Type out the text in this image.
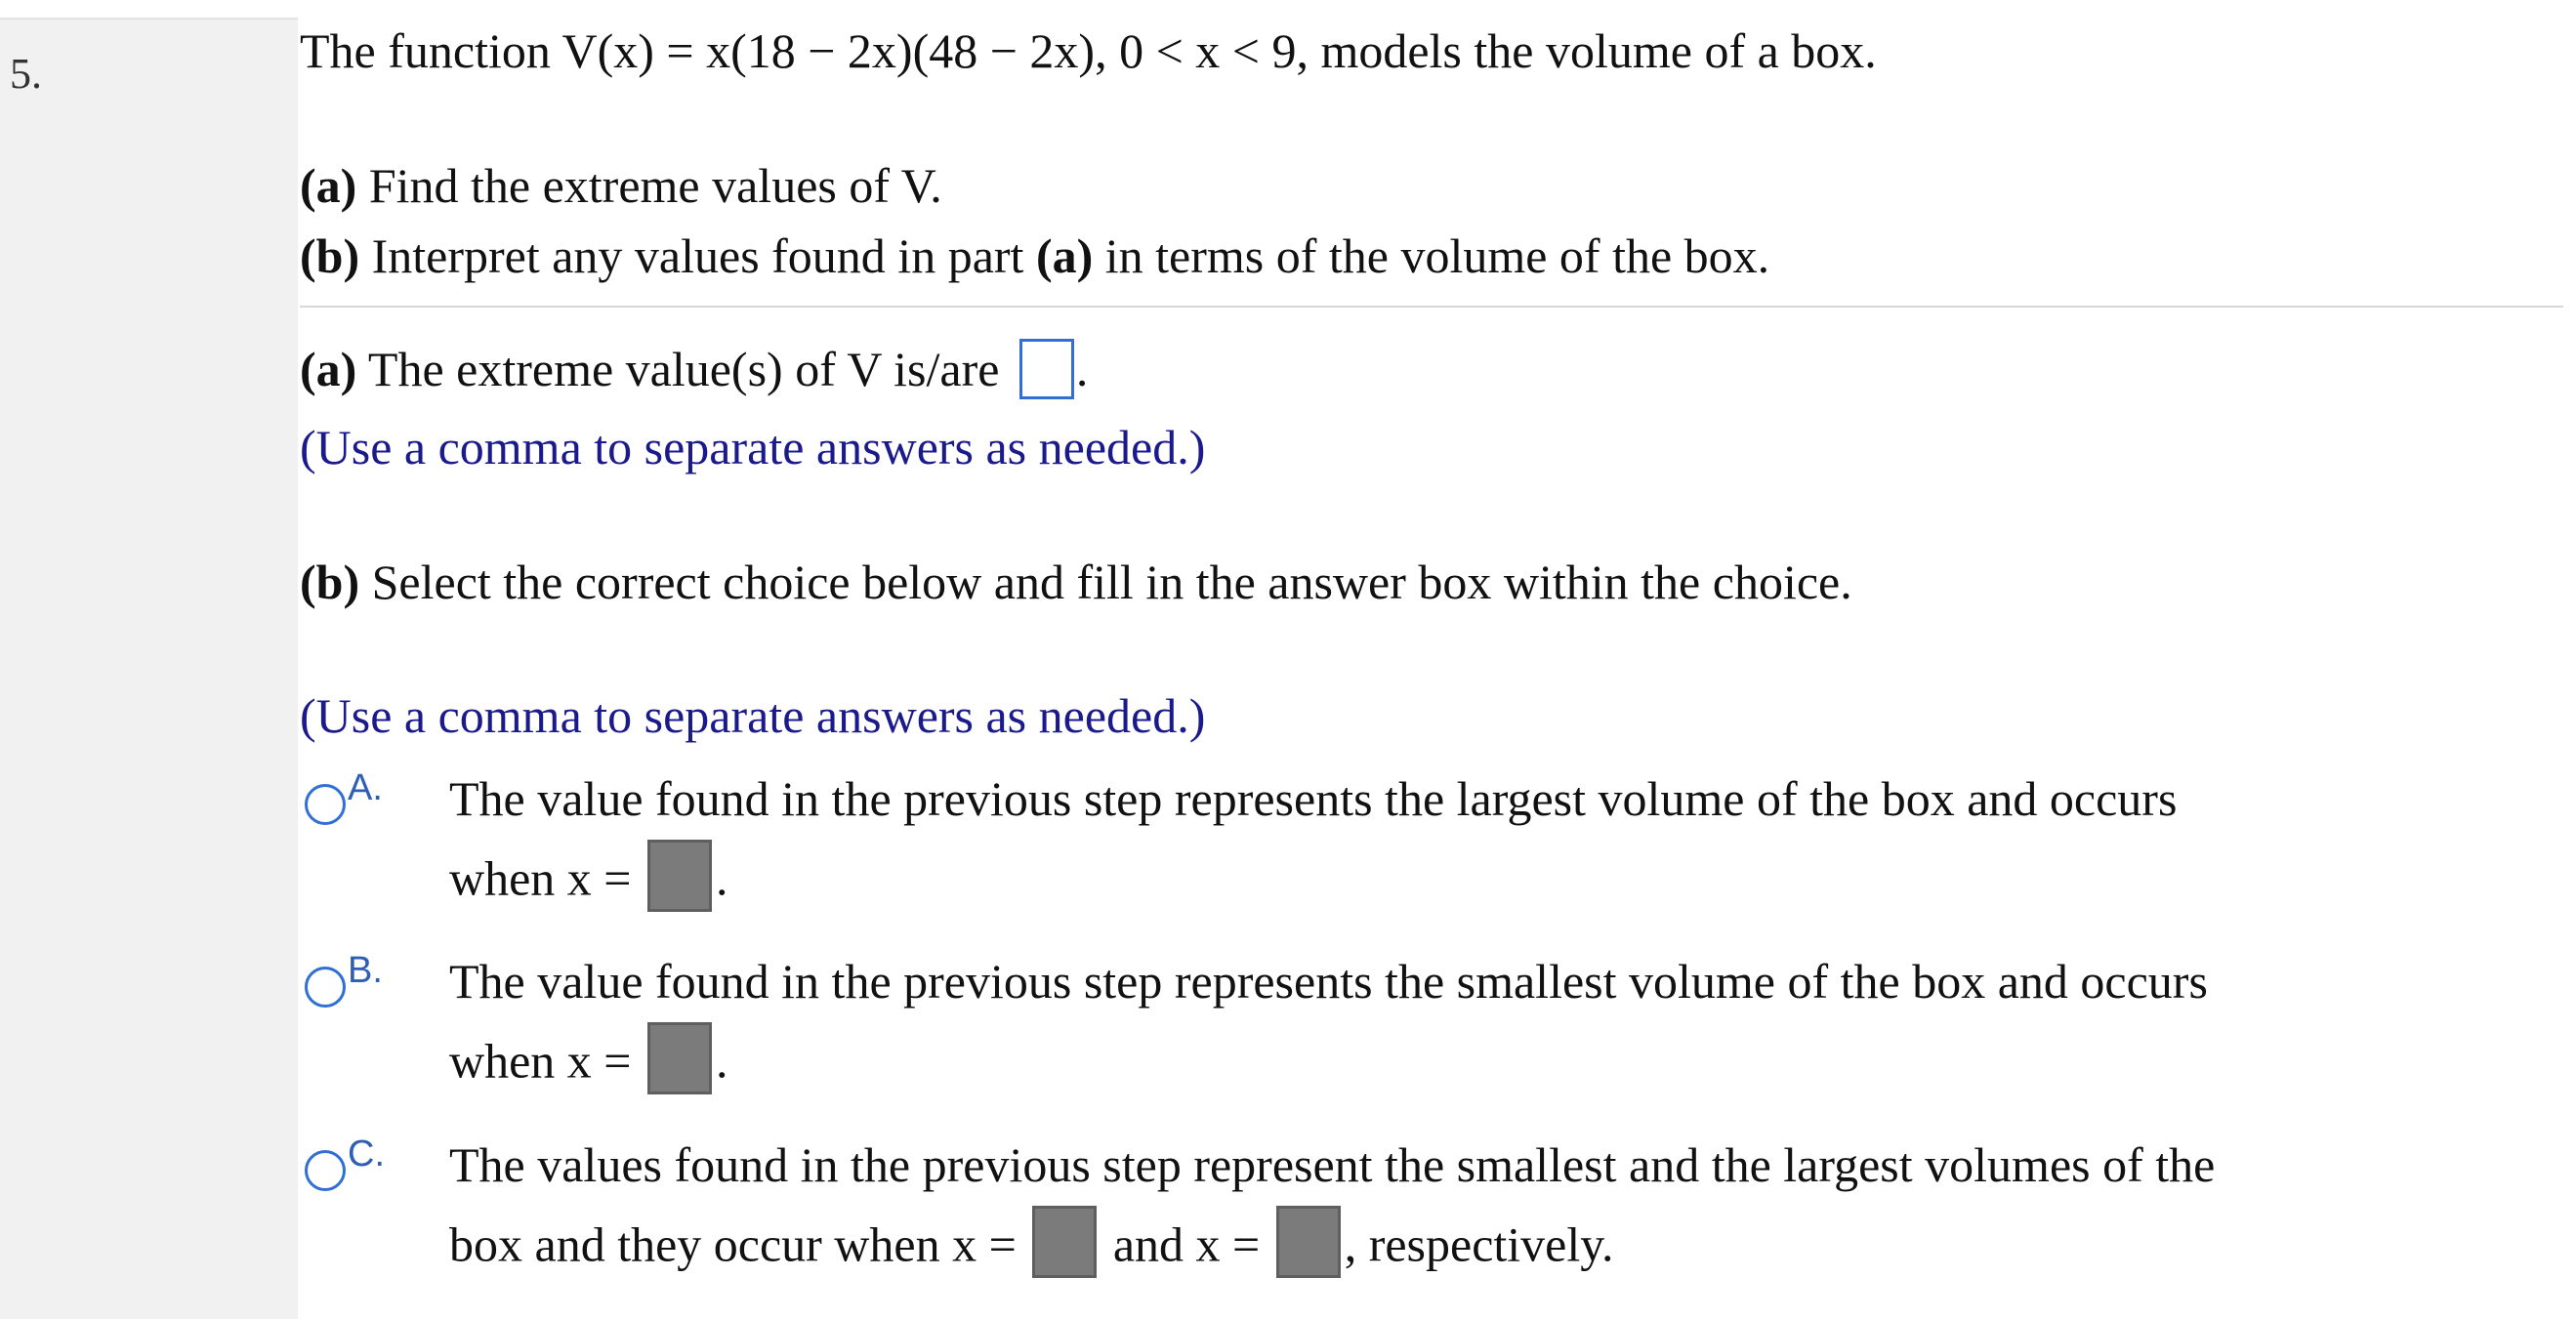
5.	The function V(x) = x(18 − 2x)(48 − 2x), 0 < x < 9, models the volume of a box.
(a) Find the extreme values of V.
(b) Interpret any values found in part (a) in terms of the volume of the box.
(a) The extreme value(s) of V is/are .
(Use a comma to separate answers as needed.)
(b) Select the correct choice below and fill in the answer box within the choice.
(Use a comma to separate answers as needed.)
A. The value found in the previous step represents the largest volume of the box and occurs
when x = .
B. The value found in the previous step represents the smallest volume of the box and occurs
when x = .
C. The values found in the previous step represent the smallest and the largest volumes of the
box and they occur when x =  and x = , respectively.
